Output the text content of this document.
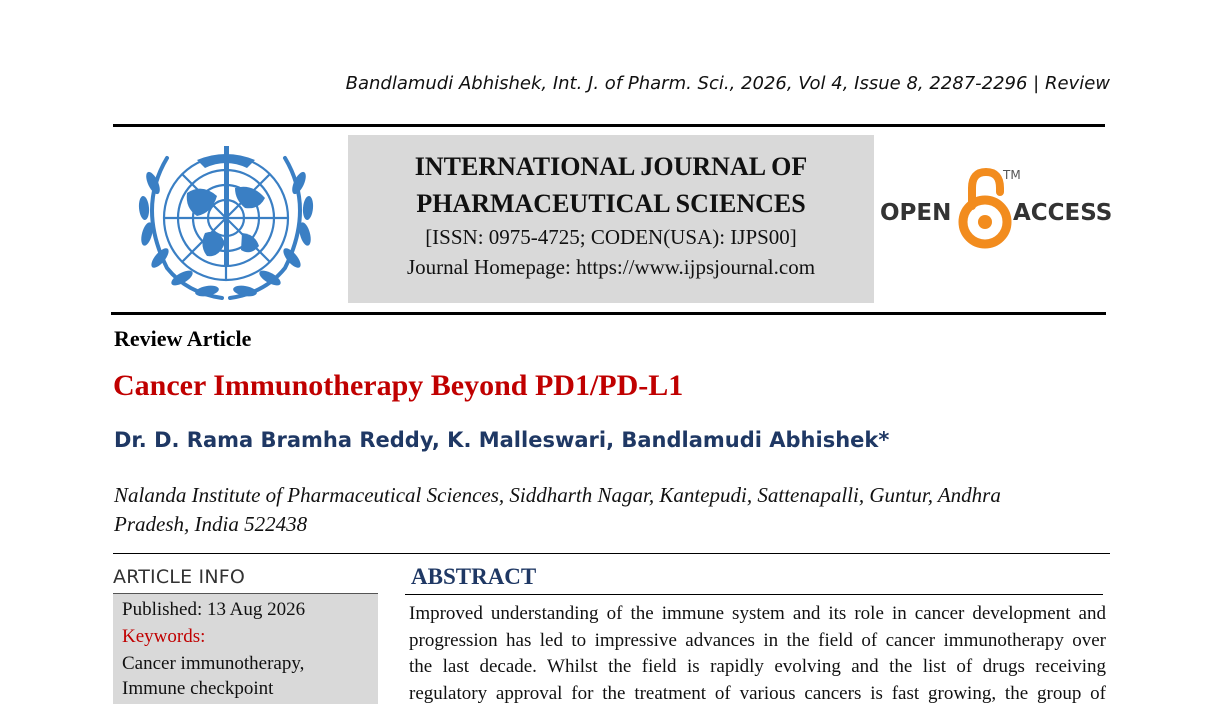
Bandlamudi Abhishek, Int. J. of Pharm. Sci., 2026, Vol 4, Issue 8, 2287-2296 | Review
INTERNATIONAL JOURNAL OF
PHARMACEUTICAL SCIENCES
[ISSN: 0975-4725; CODEN(USA): IJPS00]
Journal Homepage: https://www.ijpsjournal.com
OPEN
TM
ACCESS
Review Article
Cancer Immunotherapy Beyond PD1/PD-L1
Dr. D. Rama Bramha Reddy, K. Malleswari, Bandlamudi Abhishek*
Nalanda Institute of Pharmaceutical Sciences, Siddharth Nagar, Kantepudi, Sattenapalli, Guntur, Andhra
Pradesh, India 522438
ARTICLE INFO
Published: 13 Aug 2026
Keywords:
Cancer immunotherapy,
Immune checkpoint
ABSTRACT
Improved understanding of the immune system and its role in cancer development and
progression has led to impressive advances in the field of cancer immunotherapy over
the last decade. Whilst the field is rapidly evolving and the list of drugs receiving
regulatory approval for the treatment of various cancers is fast growing, the group of
